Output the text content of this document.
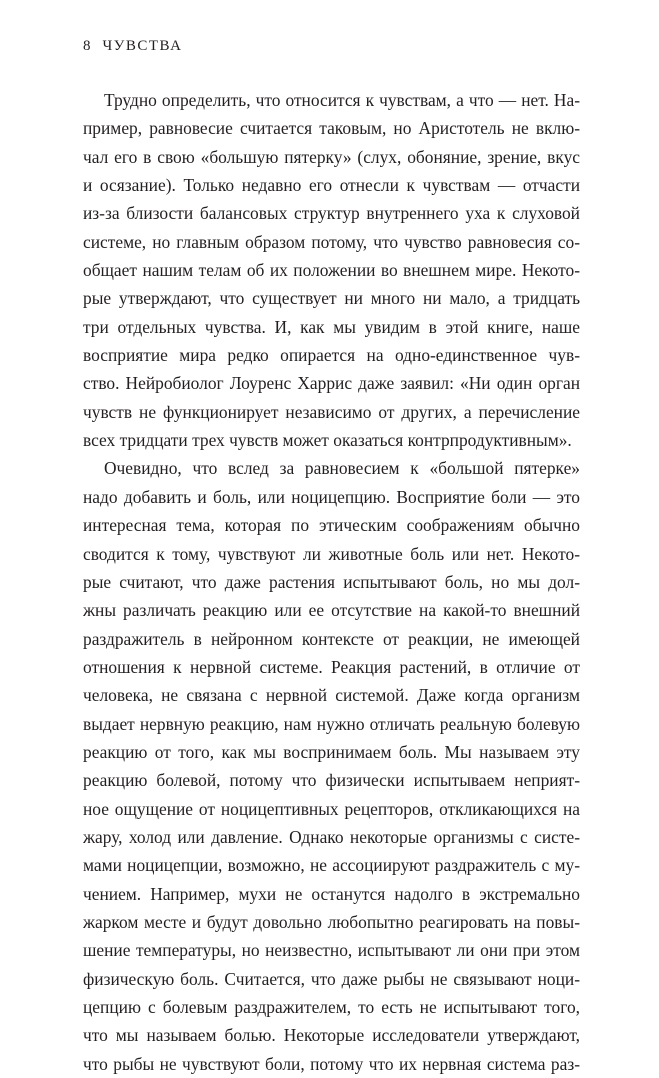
8 ЧУВСТВА
Трудно определить, что относится к чувствам, а что — нет. На-
пример, равновесие считается таковым, но Аристотель не вклю-
чал его в свою «большую пятерку» (слух, обоняние, зрение, вкус
и осязание). Только недавно его отнесли к чувствам — отчасти
из-за близости балансовых структур внутреннего уха к слуховой
системе, но главным образом потому, что чувство равновесия со-
общает нашим телам об их положении во внешнем мире. Некото-
рые утверждают, что существует ни много ни мало, а тридцать
три отдельных чувства. И, как мы увидим в этой книге, наше
восприятие мира редко опирается на одно-единственное чув-
ство. Нейробиолог Лоуренс Харрис даже заявил: «Ни один орган
чувств не функционирует независимо от других, а перечисление
всех тридцати трех чувств может оказаться контрпродуктивным».
Очевидно, что вслед за равновесием к «большой пятерке»
надо добавить и боль, или ноцицепцию. Восприятие боли — это
интересная тема, которая по этическим соображениям обычно
сводится к тому, чувствуют ли животные боль или нет. Некото-
рые считают, что даже растения испытывают боль, но мы дол-
жны различать реакцию или ее отсутствие на какой-то внешний
раздражитель в нейронном контексте от реакции, не имеющей
отношения к нервной системе. Реакция растений, в отличие от
человека, не связана с нервной системой. Даже когда организм
выдает нервную реакцию, нам нужно отличать реальную болевую
реакцию от того, как мы воспринимаем боль. Мы называем эту
реакцию болевой, потому что физически испытываем неприят-
ное ощущение от ноцицептивных рецепторов, откликающихся на
жару, холод или давление. Однако некоторые организмы с систе-
мами ноцицепции, возможно, не ассоциируют раздражитель с му-
чением. Например, мухи не останутся надолго в экстремально
жарком месте и будут довольно любопытно реагировать на повы-
шение температуры, но неизвестно, испытывают ли они при этом
физическую боль. Считается, что даже рыбы не связывают ноци-
цепцию с болевым раздражителем, то есть не испытывают того,
что мы называем болью. Некоторые исследователи утверждают,
что рыбы не чувствуют боли, потому что их нервная система раз-
